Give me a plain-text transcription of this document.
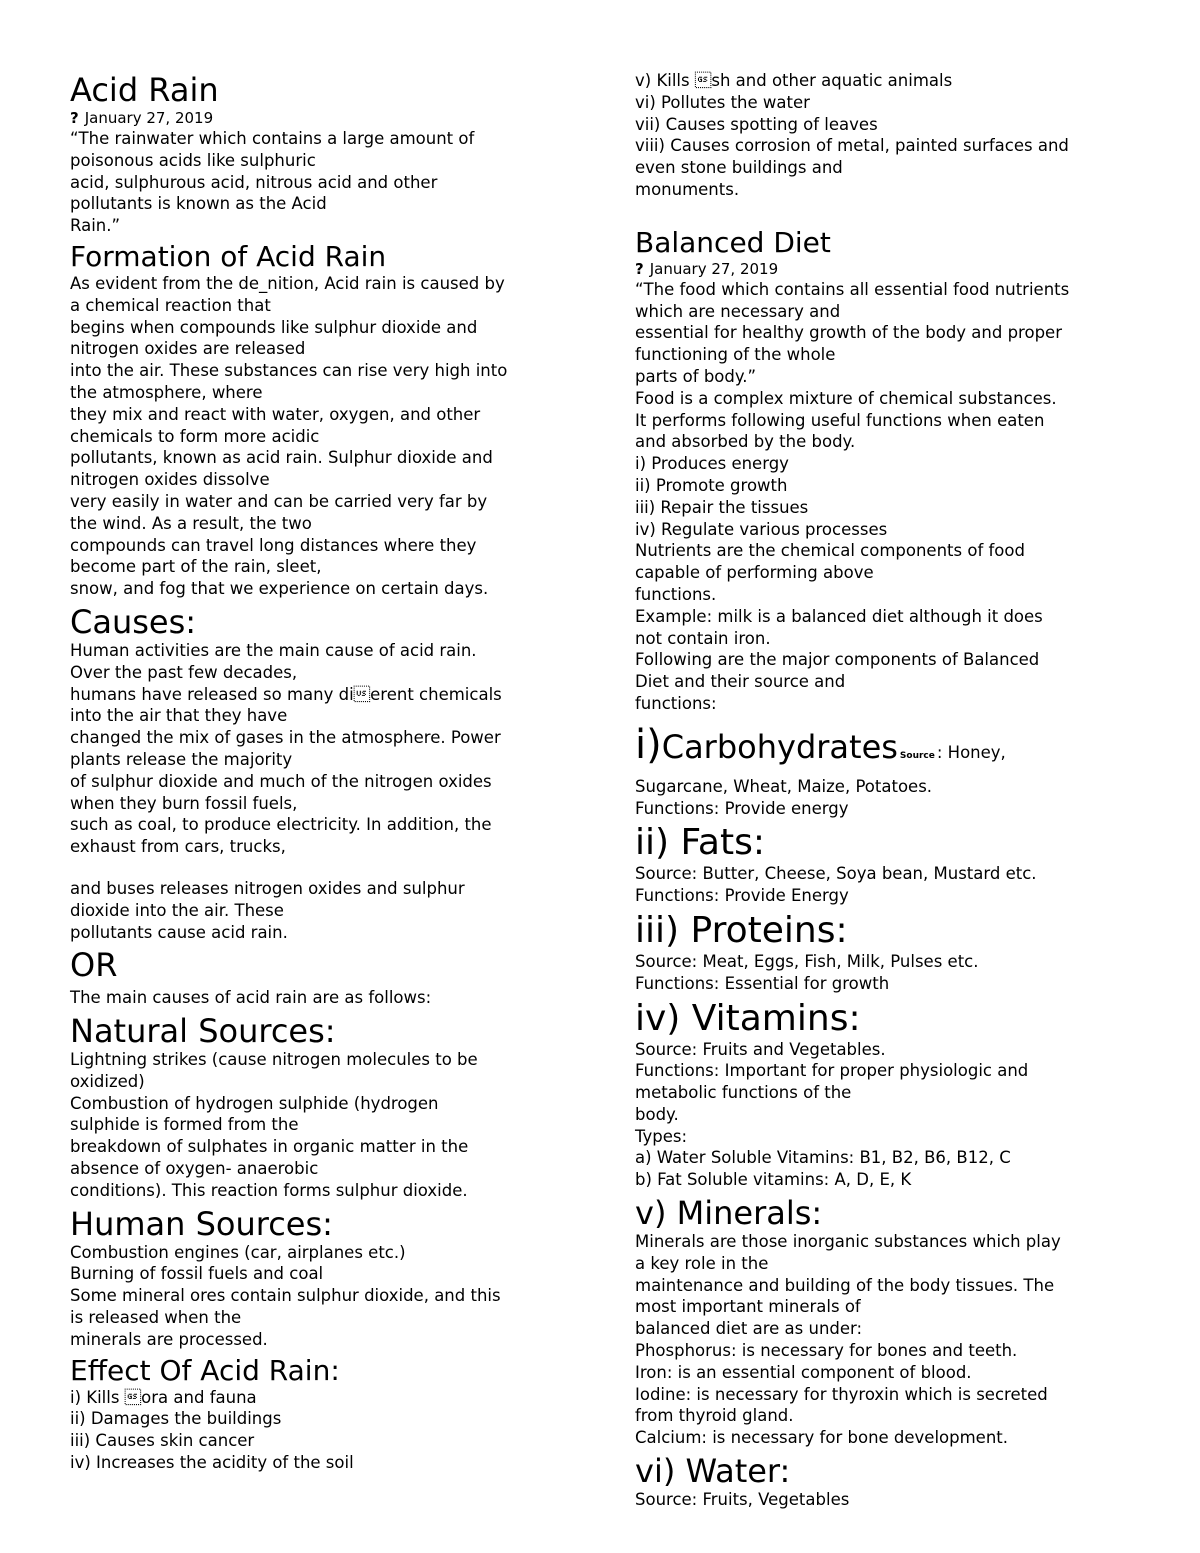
Acid Rain

? January 27, 2019

“The rainwater which contains a large amount of

poisonous acids like sulphuric

acid, sulphurous acid, nitrous acid and other

pollutants is known as the Acid

Rain.”

Formation of Acid Rain

As evident from the de_nition, Acid rain is caused by

a chemical reaction that

begins when compounds like sulphur dioxide and

nitrogen oxides are released

into the air. These substances can rise very high into

the atmosphere, where

they mix and react with water, oxygen, and other

chemicals to form more acidic

pollutants, known as acid rain. Sulphur dioxide and

nitrogen oxides dissolve

very easily in water and can be carried very far by

the wind. As a result, the two

compounds can travel long distances where they

become part of the rain, sleet,

snow, and fog that we experience on certain days.

Causes:

Human activities are the main cause of acid rain.

Over the past few decades,

humans have released so many dierent chemicals

into the air that they have

changed the mix of gases in the atmosphere. Power

plants release the majority

of sulphur dioxide and much of the nitrogen oxides

when they burn fossil fuels,

such as coal, to produce electricity. In addition, the

exhaust from cars, trucks,

and buses releases nitrogen oxides and sulphur

dioxide into the air. These

pollutants cause acid rain.

OR

The main causes of acid rain are as follows:

Natural Sources:

Lightning strikes (cause nitrogen molecules to be

oxidized)

Combustion of hydrogen sulphide (hydrogen

sulphide is formed from the

breakdown of sulphates in organic matter in the

absence of oxygen- anaerobic

conditions). This reaction forms sulphur dioxide.

Human Sources:

Combustion engines (car, airplanes etc.)

Burning of fossil fuels and coal

Some mineral ores contain sulphur dioxide, and this

is released when the

minerals are processed.

Effect Of Acid Rain:

i) Kills ora and fauna

ii) Damages the buildings

iii) Causes skin cancer

iv) Increases the acidity of the soil

v) Kills sh and other aquatic animals

vi) Pollutes the water

vii) Causes spotting of leaves

viii) Causes corrosion of metal, painted surfaces and

even stone buildings and

monuments.

Balanced Diet

? January 27, 2019

“The food which contains all essential food nutrients

which are necessary and

essential for healthy growth of the body and proper

functioning of the whole

parts of body.”

Food is a complex mixture of chemical substances.

It performs following useful functions when eaten

and absorbed by the body.

i) Produces energy

ii) Promote growth

iii) Repair the tissues

iv) Regulate various processes

Nutrients are the chemical components of food

capable of performing above

functions.

Example: milk is a balanced diet although it does

not contain iron.

Following are the major components of Balanced

Diet and their source and

functions:

i)Carbohydrates Source : Honey,

Sugarcane, Wheat, Maize, Potatoes.

Functions: Provide energy

ii) Fats:

Source: Butter, Cheese, Soya bean, Mustard etc.

Functions: Provide Energy

iii) Proteins:

Source: Meat, Eggs, Fish, Milk, Pulses etc.

Functions: Essential for growth

iv) Vitamins:

Source: Fruits and Vegetables.

Functions: Important for proper physiologic and

metabolic functions of the

body.

Types:

a) Water Soluble Vitamins: B1, B2, B6, B12, C

b) Fat Soluble vitamins: A, D, E, K

v) Minerals:

Minerals are those inorganic substances which play

a key role in the

maintenance and building of the body tissues. The

most important minerals of

balanced diet are as under:

Phosphorus: is necessary for bones and teeth.

Iron: is an essential component of blood.

Iodine: is necessary for thyroxin which is secreted

from thyroid gland.

Calcium: is necessary for bone development.

vi) Water:

Source: Fruits, Vegetables
